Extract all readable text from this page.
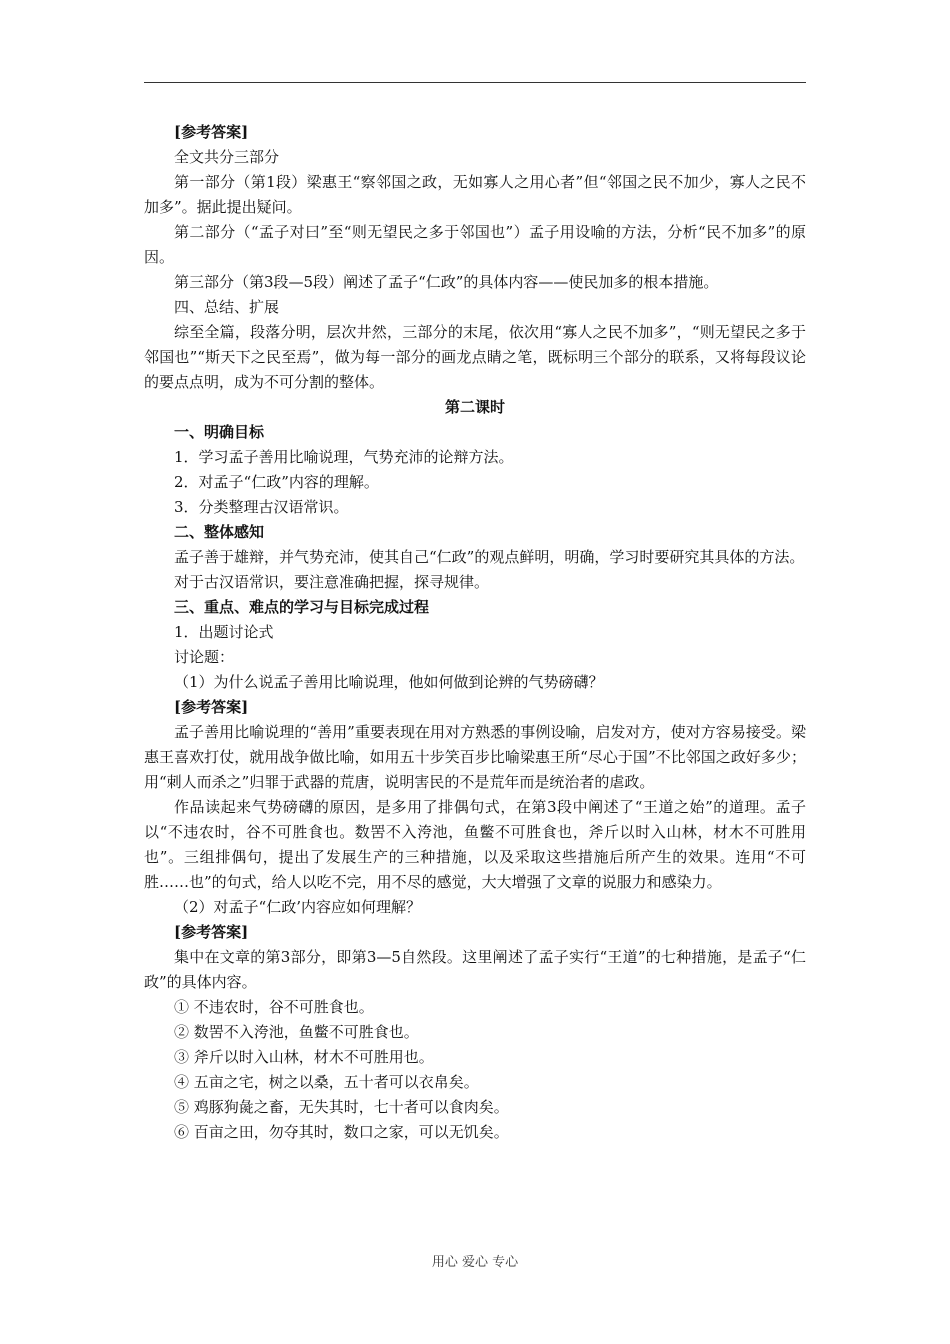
[参考答案]

全文共分三部分

第一部分（第1段）梁惠王“察邻国之政，无如寡人之用心者”但“邻国之民不加少，寡人之民不加多”。据此提出疑问。

第二部分（“孟子对曰”至“则无望民之多于邻国也”）孟子用设喻的方法，分析“民不加多”的原因。

第三部分（第3段—5段）阐述了孟子“仁政”的具体内容——使民加多的根本措施。

四、总结、扩展

综至全篇，段落分明，层次井然，三部分的末尾，依次用“寡人之民不加多”，“则无望民之多于邻国也”“斯天下之民至焉”，做为每一部分的画龙点睛之笔，既标明三个部分的联系，又将每段议论的要点点明，成为不可分割的整体。

第二课时

一、明确目标

1．学习孟子善用比喻说理，气势充沛的论辩方法。

2．对孟子“仁政”内容的理解。

3．分类整理古汉语常识。

二、整体感知

孟子善于雄辩，并气势充沛，使其自己“仁政”的观点鲜明，明确，学习时要研究其具体的方法。

对于古汉语常识，要注意准确把握，探寻规律。

三、重点、难点的学习与目标完成过程

1．出题讨论式

讨论题：

（1）为什么说孟子善用比喻说理，他如何做到论辨的气势磅礴？

[参考答案]

孟子善用比喻说理的“善用”重要表现在用对方熟悉的事例设喻，启发对方，使对方容易接受。梁惠王喜欢打仗，就用战争做比喻，如用五十步笑百步比喻梁惠王所“尽心于国”不比邻国之政好多少；用“刺人而杀之”归罪于武器的荒唐，说明害民的不是荒年而是统治者的虐政。

作品读起来气势磅礴的原因，是多用了排偶句式，在第3段中阐述了“王道之始”的道理。孟子以“不违农时，谷不可胜食也。数罟不入洿池，鱼鳖不可胜食也，斧斤以时入山林，材木不可胜用也”。三组排偶句，提出了发展生产的三种措施，以及采取这些措施后所产生的效果。连用“不可胜……也”的句式，给人以吃不完，用不尽的感觉，大大增强了文章的说服力和感染力。

（2）对孟子“仁政’内容应如何理解？

[参考答案]

集中在文章的第3部分，即第3—5自然段。这里阐述了孟子实行“王道”的七种措施，是孟子“仁政”的具体内容。

① 不违农时，谷不可胜食也。

② 数罟不入洿池，鱼鳖不可胜食也。

③ 斧斤以时入山林，材木不可胜用也。

④ 五亩之宅，树之以桑，五十者可以衣帛矣。

⑤ 鸡豚狗彘之畜，无失其时，七十者可以食肉矣。

⑥ 百亩之田，勿夺其时，数口之家，可以无饥矣。

用心 爱心 专心
